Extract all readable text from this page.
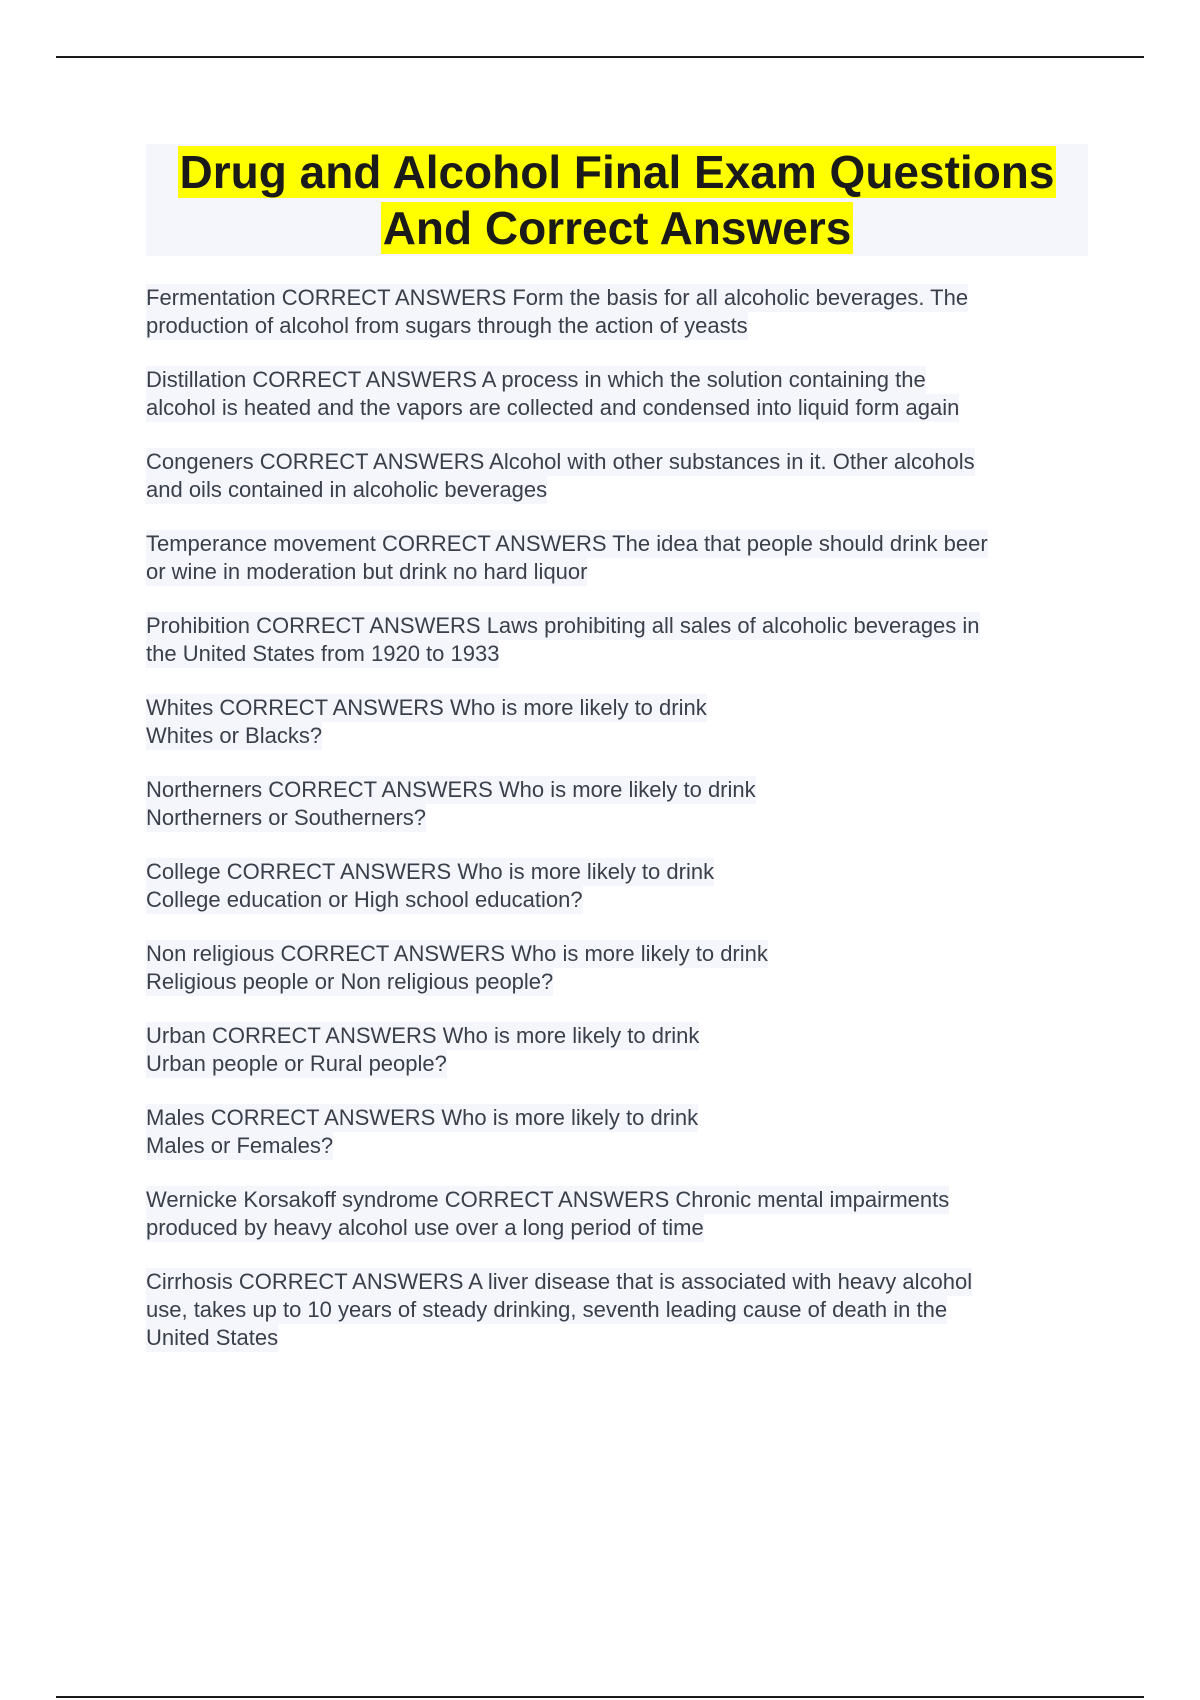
Drug and Alcohol Final Exam Questions
And Correct Answers
Fermentation CORRECT ANSWERS Form the basis for all alcoholic beverages. The
production of alcohol from sugars through the action of yeasts
Distillation CORRECT ANSWERS A process in which the solution containing the
alcohol is heated and the vapors are collected and condensed into liquid form again
Congeners CORRECT ANSWERS Alcohol with other substances in it. Other alcohols
and oils contained in alcoholic beverages
Temperance movement CORRECT ANSWERS The idea that people should drink beer
or wine in moderation but drink no hard liquor
Prohibition CORRECT ANSWERS Laws prohibiting all sales of alcoholic beverages in
the United States from 1920 to 1933
Whites CORRECT ANSWERS Who is more likely to drink
Whites or Blacks?
Northerners CORRECT ANSWERS Who is more likely to drink
Northerners or Southerners?
College CORRECT ANSWERS Who is more likely to drink
College education or High school education?
Non religious CORRECT ANSWERS Who is more likely to drink
Religious people or Non religious people?
Urban CORRECT ANSWERS Who is more likely to drink
Urban people or Rural people?
Males CORRECT ANSWERS Who is more likely to drink
Males or Females?
Wernicke Korsakoff syndrome CORRECT ANSWERS Chronic mental impairments
produced by heavy alcohol use over a long period of time
Cirrhosis CORRECT ANSWERS A liver disease that is associated with heavy alcohol
use, takes up to 10 years of steady drinking, seventh leading cause of death in the
United States
